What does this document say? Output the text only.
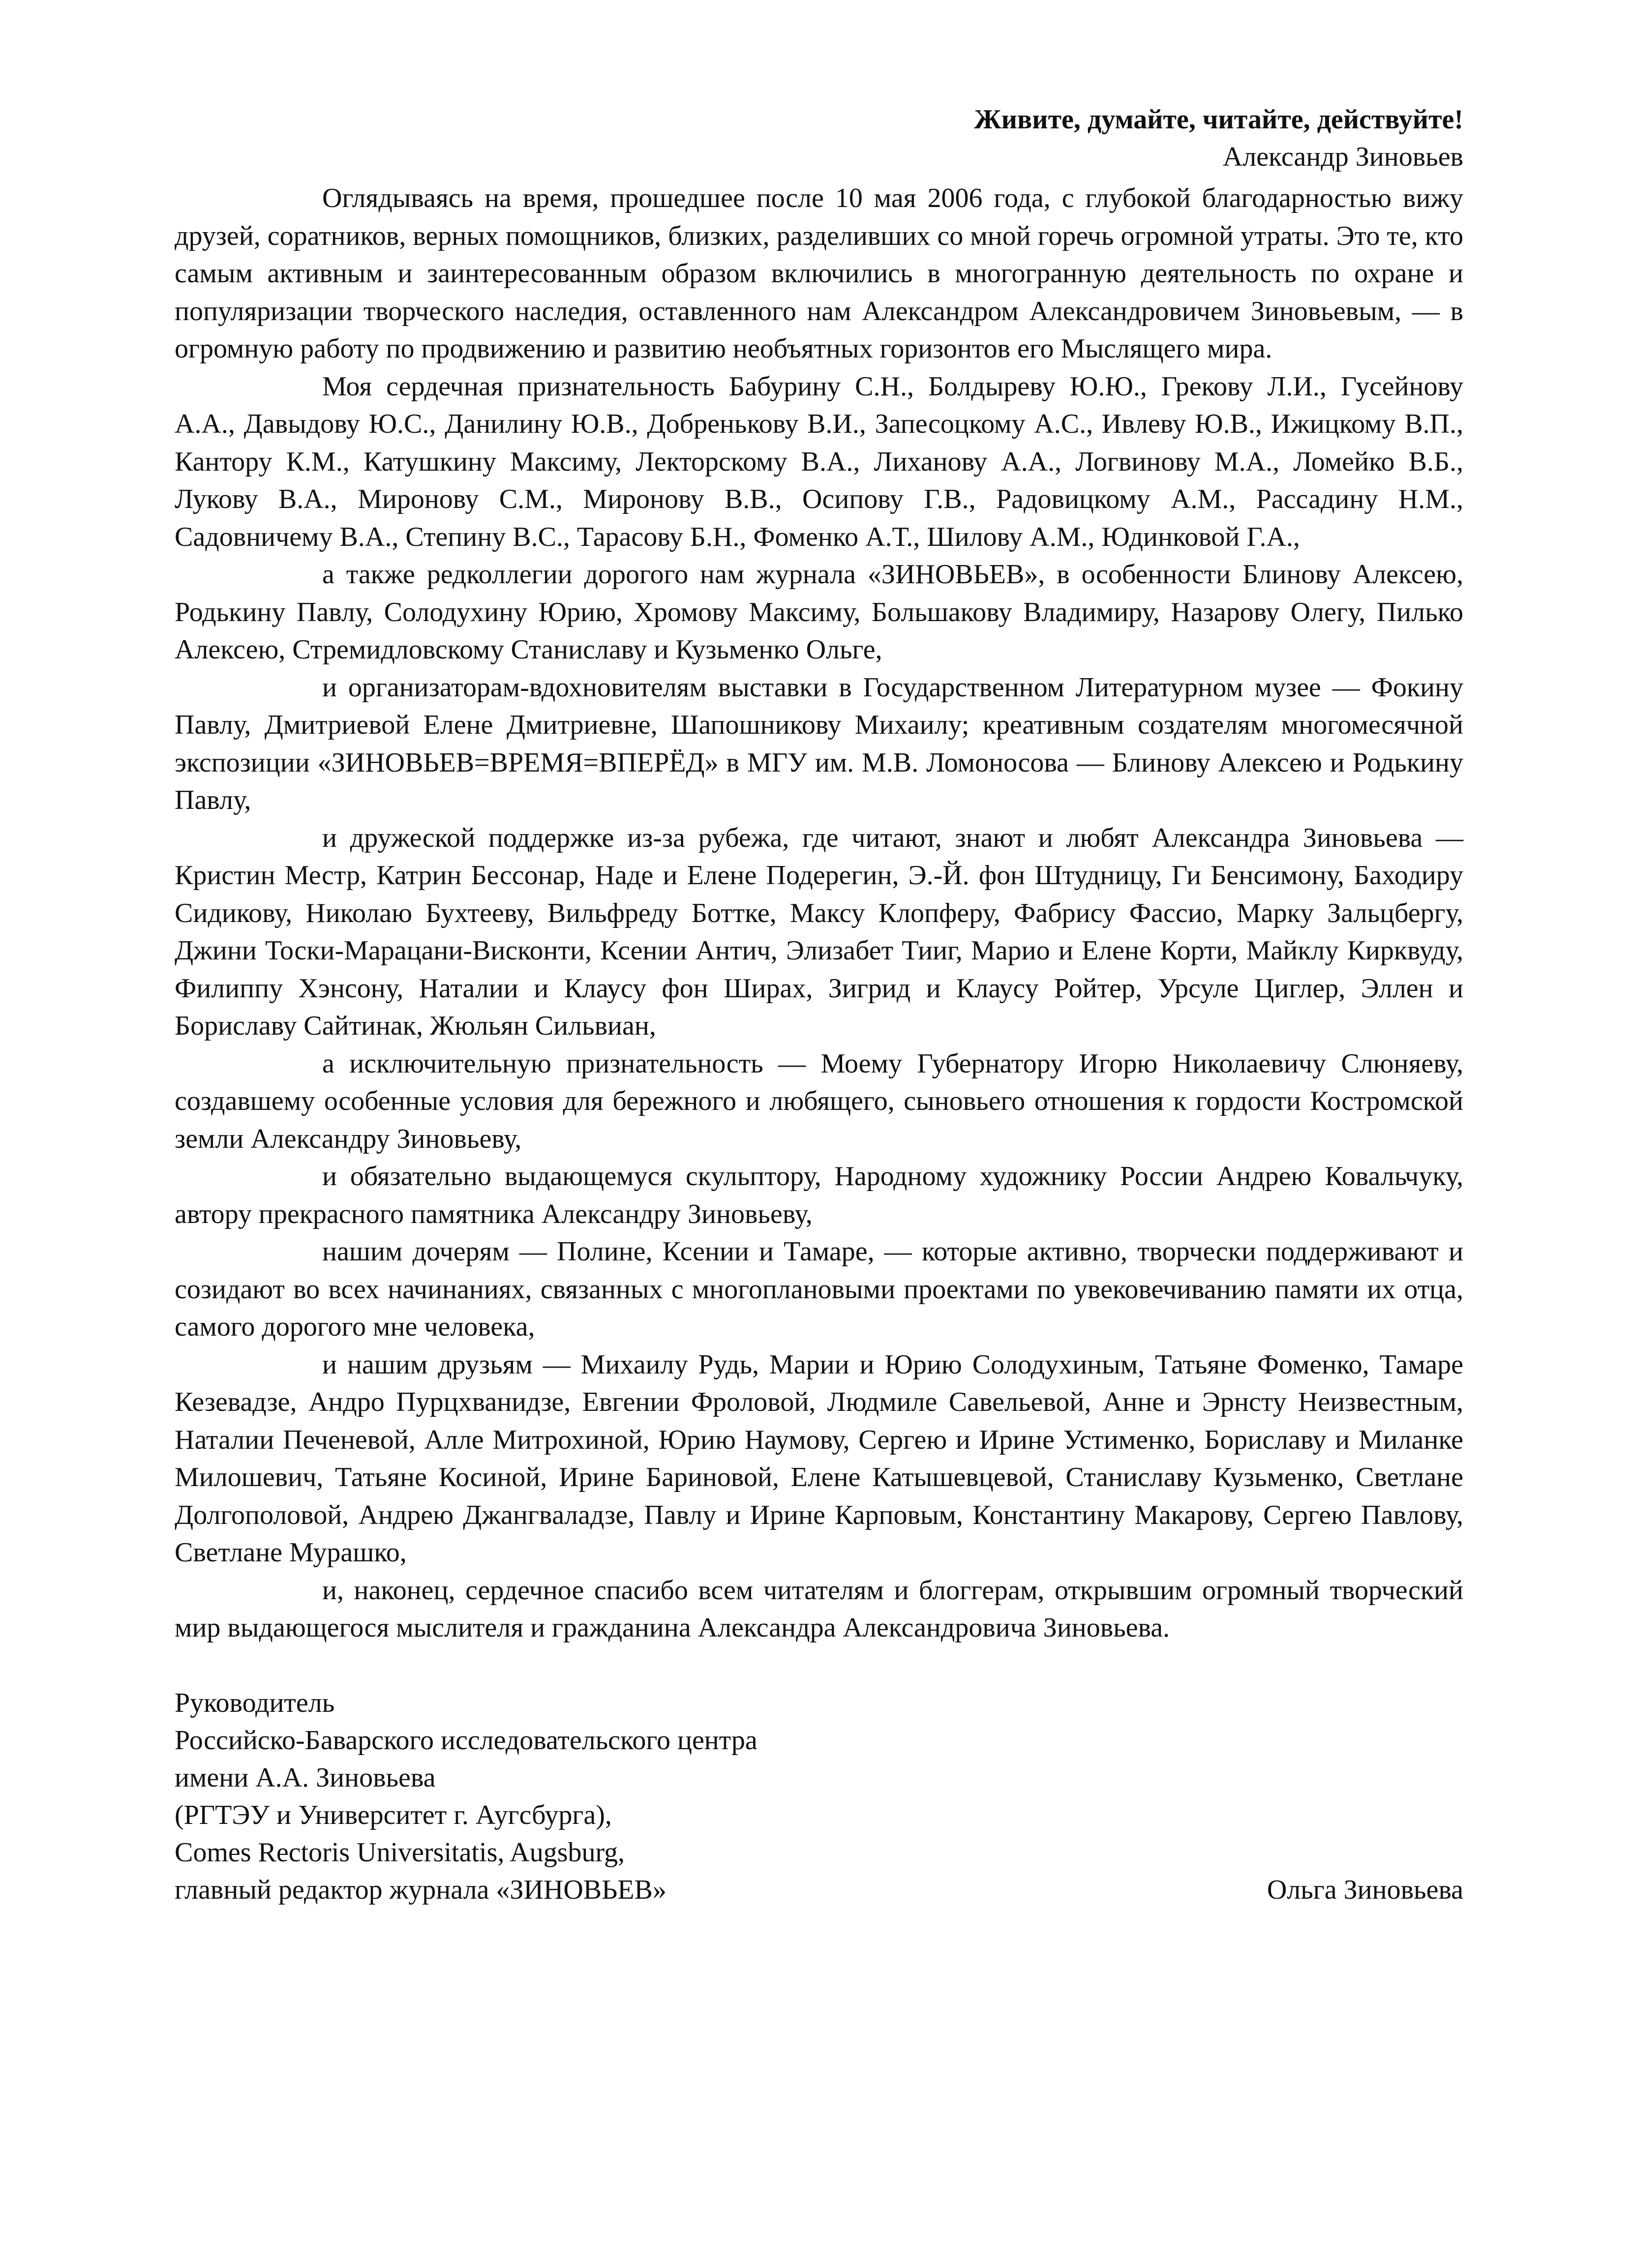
Живите, думайте, читайте, действуйте!
Александр Зиновьев

Оглядываясь на время, прошедшее после 10 мая 2006 года, с глубокой благодарностью вижу друзей, соратников, верных помощников, близких, разделивших со мной горечь огромной утраты. Это те, кто самым активным и заинтересованным образом включились в многогранную деятельность по охране и популяризации творческого наследия, оставленного нам Александром Александровичем Зиновьевым, — в огромную работу по продвижению и развитию необъятных горизонтов его Мыслящего мира.

Моя сердечная признательность Бабурину С.Н., Болдыреву Ю.Ю., Грекову Л.И., Гусейнову А.А., Давыдову Ю.С., Данилину Ю.В., Добренькову В.И., Запесоцкому А.С., Ивлеву Ю.В., Ижицкому В.П., Кантору К.М., Катушкину Максиму, Лекторскому В.А., Лиханову А.А., Логвинову М.А., Ломейко В.Б., Лукову В.А., Миронову С.М., Миронову В.В., Осипову Г.В., Радовицкому А.М., Рассадину Н.М., Садовничему В.А., Степину В.С., Тарасову Б.Н., Фоменко А.Т., Шилову А.М., Юдинковой Г.А.,

а также редколлегии дорогого нам журнала «ЗИНОВЬЕВ», в особенности Блинову Алексею, Родькину Павлу, Солодухину Юрию, Хромову Максиму, Большакову Владимиру, Назарову Олегу, Пилько Алексею, Стремидловскому Станиславу и Кузьменко Ольге,

и организаторам-вдохновителям выставки в Государственном Литературном музее — Фокину Павлу, Дмитриевой Елене Дмитриевне, Шапошникову Михаилу; креативным создателям многомесячной экспозиции «ЗИНОВЬЕВ=ВРЕМЯ=ВПЕРЁД» в МГУ им. М.В. Ломоносова — Блинову Алексею и Родькину Павлу,

и дружеской поддержке из-за рубежа, где читают, знают и любят Александра Зиновьева — Кристин Местр, Катрин Бессонар, Наде и Елене Подерегин, Э.-Й. фон Штудницу, Ги Бенсимону, Баходиру Сидикову, Николаю Бухтееву, Вильфреду Боттке, Максу Клопферу, Фабрису Фассио, Марку Зальцбергу, Джини Тоски-Марацани-Висконти, Ксении Антич, Элизабет Тииг, Марио и Елене Корти, Майклу Кирквуду, Филиппу Хэнсону, Наталии и Клаусу фон Ширах, Зигрид и Клаусу Ройтер, Урсуле Циглер, Эллен и Бориславу Сайтинак, Жюльян Сильвиан,

а исключительную признательность — Моему Губернатору Игорю Николаевичу Слюняеву, создавшему особенные условия для бережного и любящего, сыновьего отношения к гордости Костромской земли Александру Зиновьеву,

и обязательно выдающемуся скульптору, Народному художнику России Андрею Ковальчуку, автору прекрасного памятника Александру Зиновьеву,

нашим дочерям — Полине, Ксении и Тамаре, — которые активно, творчески поддерживают и созидают во всех начинаниях, связанных с многоплановыми проектами по увековечиванию памяти их отца, самого дорогого мне человека,

и нашим друзьям — Михаилу Рудь, Марии и Юрию Солодухиным, Татьяне Фоменко, Тамаре Кезевадзе, Андро Пурцхванидзе, Евгении Фроловой, Людмиле Савельевой, Анне и Эрнсту Неизвестным, Наталии Печеневой, Алле Митрохиной, Юрию Наумову, Сергею и Ирине Устименко, Бориславу и Миланке Милошевич, Татьяне Косиной, Ирине Бариновой, Елене Катышевцевой, Станиславу Кузьменко, Светлане Долгополовой, Андрею Джангвaладзе, Павлу и Ирине Карповым, Константину Макарову, Сергею Павлову, Светлане Мурашко,

и, наконец, сердечное спасибо всем читателям и блоггерам, открывшим огромный творческий мир выдающегося мыслителя и гражданина Александра Александровича Зиновьева.

Руководитель
Российско-Баварского исследовательского центра
имени А.А. Зиновьева
(РГТЭУ и Университет г. Аугсбурга),
Comes Rectoris Universitatis, Augsburg,
главный редактор журнала «ЗИНОВЬЕВ»	Ольга Зиновьева
